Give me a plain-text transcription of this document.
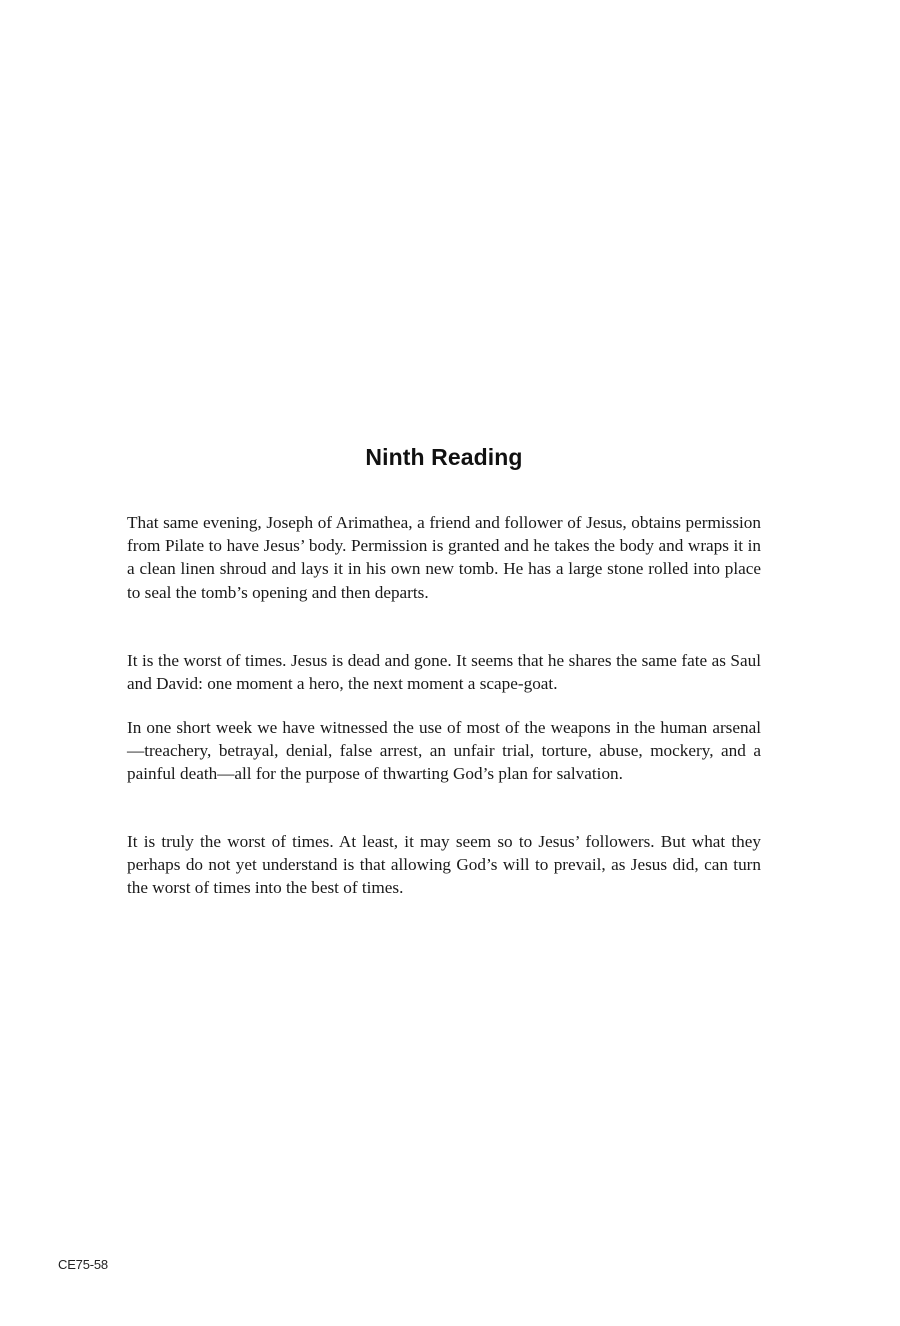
Ninth Reading

That same evening, Joseph of Arimathea, a friend and follower of Jesus, obtains permission from Pilate to have Jesus’ body. Permission is granted and he takes the body and wraps it in a clean linen shroud and lays it in his own new tomb. He has a large stone rolled into place to seal the tomb’s opening and then departs.

It is the worst of times. Jesus is dead and gone. It seems that he shares the same fate as Saul and David: one moment a hero, the next moment a scape-goat.

In one short week we have witnessed the use of most of the weapons in the human arsenal—treachery, betrayal, denial, false arrest, an unfair trial, torture, abuse, mockery, and a painful death—all for the purpose of thwarting God’s plan for salvation.

It is truly the worst of times. At least, it may seem so to Jesus’ followers. But what they perhaps do not yet understand is that allowing God’s will to prevail, as Jesus did, can turn the worst of times into the best of times.

CE75-58
